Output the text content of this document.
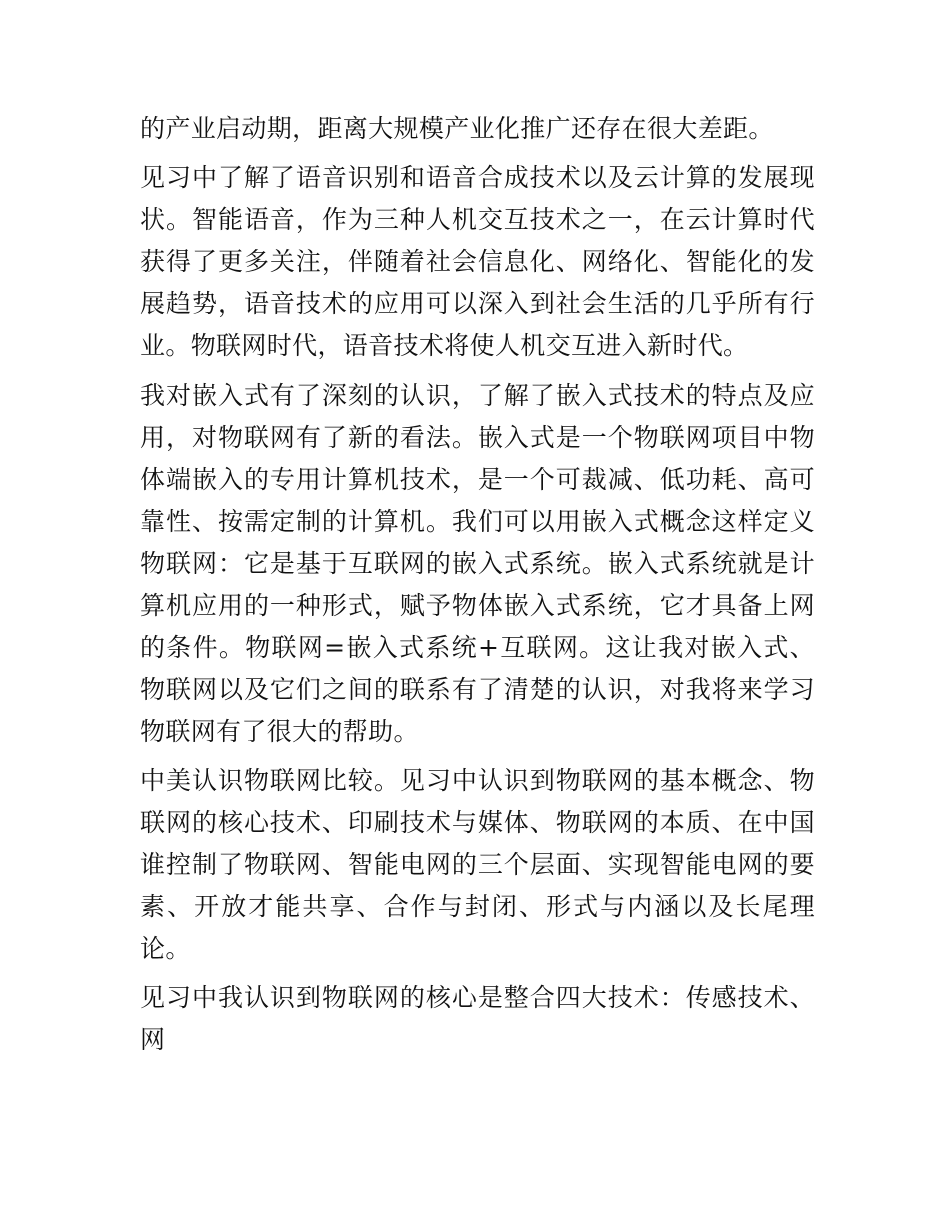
的产业启动期，距离大规模产业化推广还存在很大差距。

见习中了解了语音识别和语音合成技术以及云计算的发展现状。智能语音，作为三种人机交互技术之一，在云计算时代获得了更多关注，伴随着社会信息化、网络化、智能化的发展趋势，语音技术的应用可以深入到社会生活的几乎所有行业。物联网时代，语音技术将使人机交互进入新时代。

我对嵌入式有了深刻的认识，了解了嵌入式技术的特点及应用，对物联网有了新的看法。嵌入式是一个物联网项目中物体端嵌入的专用计算机技术，是一个可裁减、低功耗、高可靠性、按需定制的计算机。我们可以用嵌入式概念这样定义物联网：它是基于互联网的嵌入式系统。嵌入式系统就是计算机应用的一种形式，赋予物体嵌入式系统，它才具备上网的条件。物联网=嵌入式系统+互联网。这让我对嵌入式、物联网以及它们之间的联系有了清楚的认识，对我将来学习物联网有了很大的帮助。

中美认识物联网比较。见习中认识到物联网的基本概念、物联网的核心技术、印刷技术与媒体、物联网的本质、在中国谁控制了物联网、智能电网的三个层面、实现智能电网的要素、开放才能共享、合作与封闭、形式与内涵以及长尾理论。

见习中我认识到物联网的核心是整合四大技术：传感技术、网
